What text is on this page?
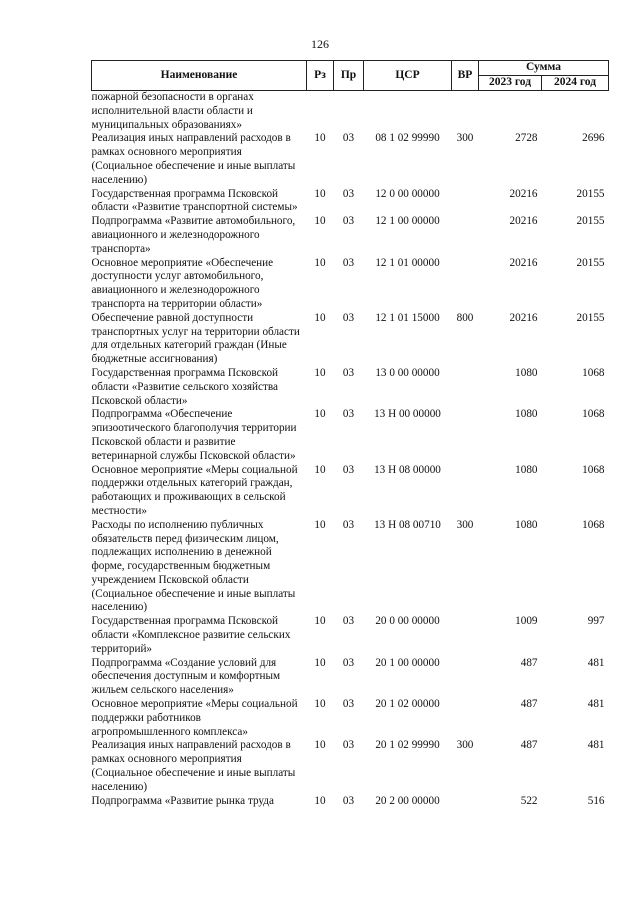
126
Наименование	Рз	Пр	ЦСР	ВР	Сумма	
					2023 год	2024 год
пожарной безопасности в органах исполнительной власти области и муниципальных образованиях»						
Реализация иных направлений расходов в рамках основного мероприятия (Социальное обеспечение и иные выплаты населению)	10	03	08 1 02 99990	300	2728	2696
Государственная программа Псковской области «Развитие транспортной системы»	10	03	12 0 00 00000		20216	20155
Подпрограмма «Развитие автомобильного, авиационного и железнодорожного транспорта»	10	03	12 1 00 00000		20216	20155
Основное мероприятие «Обеспечение доступности услуг автомобильного, авиационного и железнодорожного транспорта на территории области»	10	03	12 1 01 00000		20216	20155
Обеспечение равной доступности транспортных услуг на территории области для отдельных категорий граждан (Иные бюджетные ассигнования)	10	03	12 1 01 15000	800	20216	20155
Государственная программа Псковской области «Развитие сельского хозяйства Псковской области»	10	03	13 0 00 00000		1080	1068
Подпрограмма «Обеспечение эпизоотического благополучия территории Псковской области и развитие ветеринарной службы Псковской области»	10	03	13 Н 00 00000		1080	1068
Основное мероприятие «Меры социальной поддержки отдельных категорий граждан, работающих и проживающих в сельской местности»	10	03	13 Н 08 00000		1080	1068
Расходы по исполнению публичных обязательств перед физическим лицом, подлежащих исполнению в денежной форме, государственным бюджетным учреждением Псковской области (Социальное обеспечение и иные выплаты населению)	10	03	13 Н 08 00710	300	1080	1068
Государственная программа Псковской области «Комплексное развитие сельских территорий»	10	03	20 0 00 00000		1009	997
Подпрограмма «Создание условий для обеспечения доступным и комфортным жильем сельского населения»	10	03	20 1 00 00000		487	481
Основное мероприятие «Меры социальной поддержки работников агропромышленного комплекса»	10	03	20 1 02 00000		487	481
Реализация иных направлений расходов в рамках основного мероприятия (Социальное обеспечение и иные выплаты населению)	10	03	20 1 02 99990	300	487	481
Подпрограмма «Развитие рынка труда	10	03	20 2 00 00000		522	516
